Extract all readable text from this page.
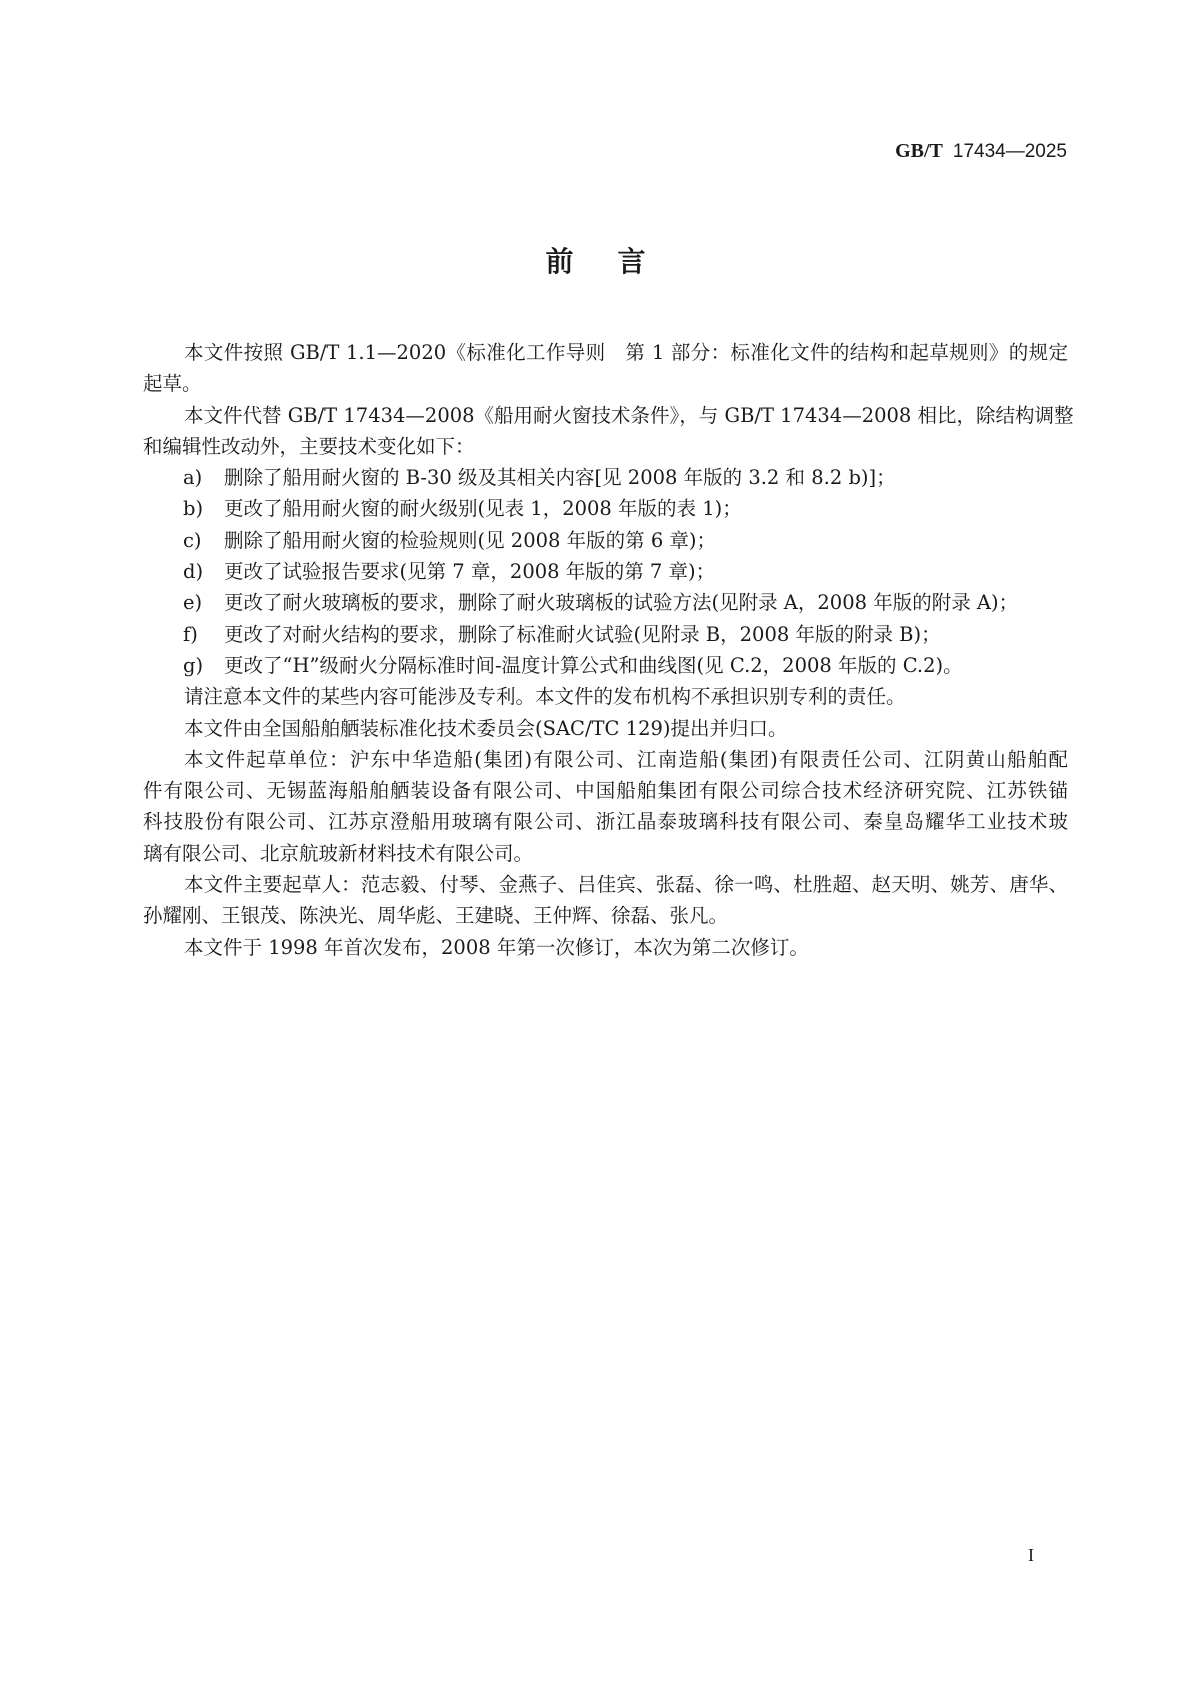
GB/T 17434—2025
前言
本文件按照 GB/T 1.1—2020《标准化工作导则　第 1 部分：标准化文件的结构和起草规则》的规定
起草。
本文件代替 GB/T 17434—2008《船用耐火窗技术条件》，与 GB/T 17434—2008 相比，除结构调整
和编辑性改动外，主要技术变化如下：
a)	删除了船用耐火窗的 B-30 级及其相关内容[见 2008 年版的 3.2 和 8.2 b)]；
b)	更改了船用耐火窗的耐火级别(见表 1，2008 年版的表 1)；
c)	删除了船用耐火窗的检验规则(见 2008 年版的第 6 章)；
d)	更改了试验报告要求(见第 7 章，2008 年版的第 7 章)；
e)	更改了耐火玻璃板的要求，删除了耐火玻璃板的试验方法(见附录 A，2008 年版的附录 A)；
f)	更改了对耐火结构的要求，删除了标准耐火试验(见附录 B，2008 年版的附录 B)；
g)	更改了“H”级耐火分隔标准时间-温度计算公式和曲线图(见 C.2，2008 年版的 C.2)。
请注意本文件的某些内容可能涉及专利。本文件的发布机构不承担识别专利的责任。
本文件由全国船舶舾装标准化技术委员会(SAC/TC 129)提出并归口。
本文件起草单位：沪东中华造船(集团)有限公司、江南造船(集团)有限责任公司、江阴黄山船舶配
件有限公司、无锡蓝海船舶舾装设备有限公司、中国船舶集团有限公司综合技术经济研究院、江苏铁锚
科技股份有限公司、江苏京澄船用玻璃有限公司、浙江晶泰玻璃科技有限公司、秦皇岛耀华工业技术玻
璃有限公司、北京航玻新材料技术有限公司。
本文件主要起草人：范志毅、付琴、金燕子、吕佳宾、张磊、徐一鸣、杜胜超、赵天明、姚芳、唐华、
孙耀刚、王银茂、陈泱光、周华彪、王建晓、王仲辉、徐磊、张凡。
本文件于 1998 年首次发布，2008 年第一次修订，本次为第二次修订。
I
